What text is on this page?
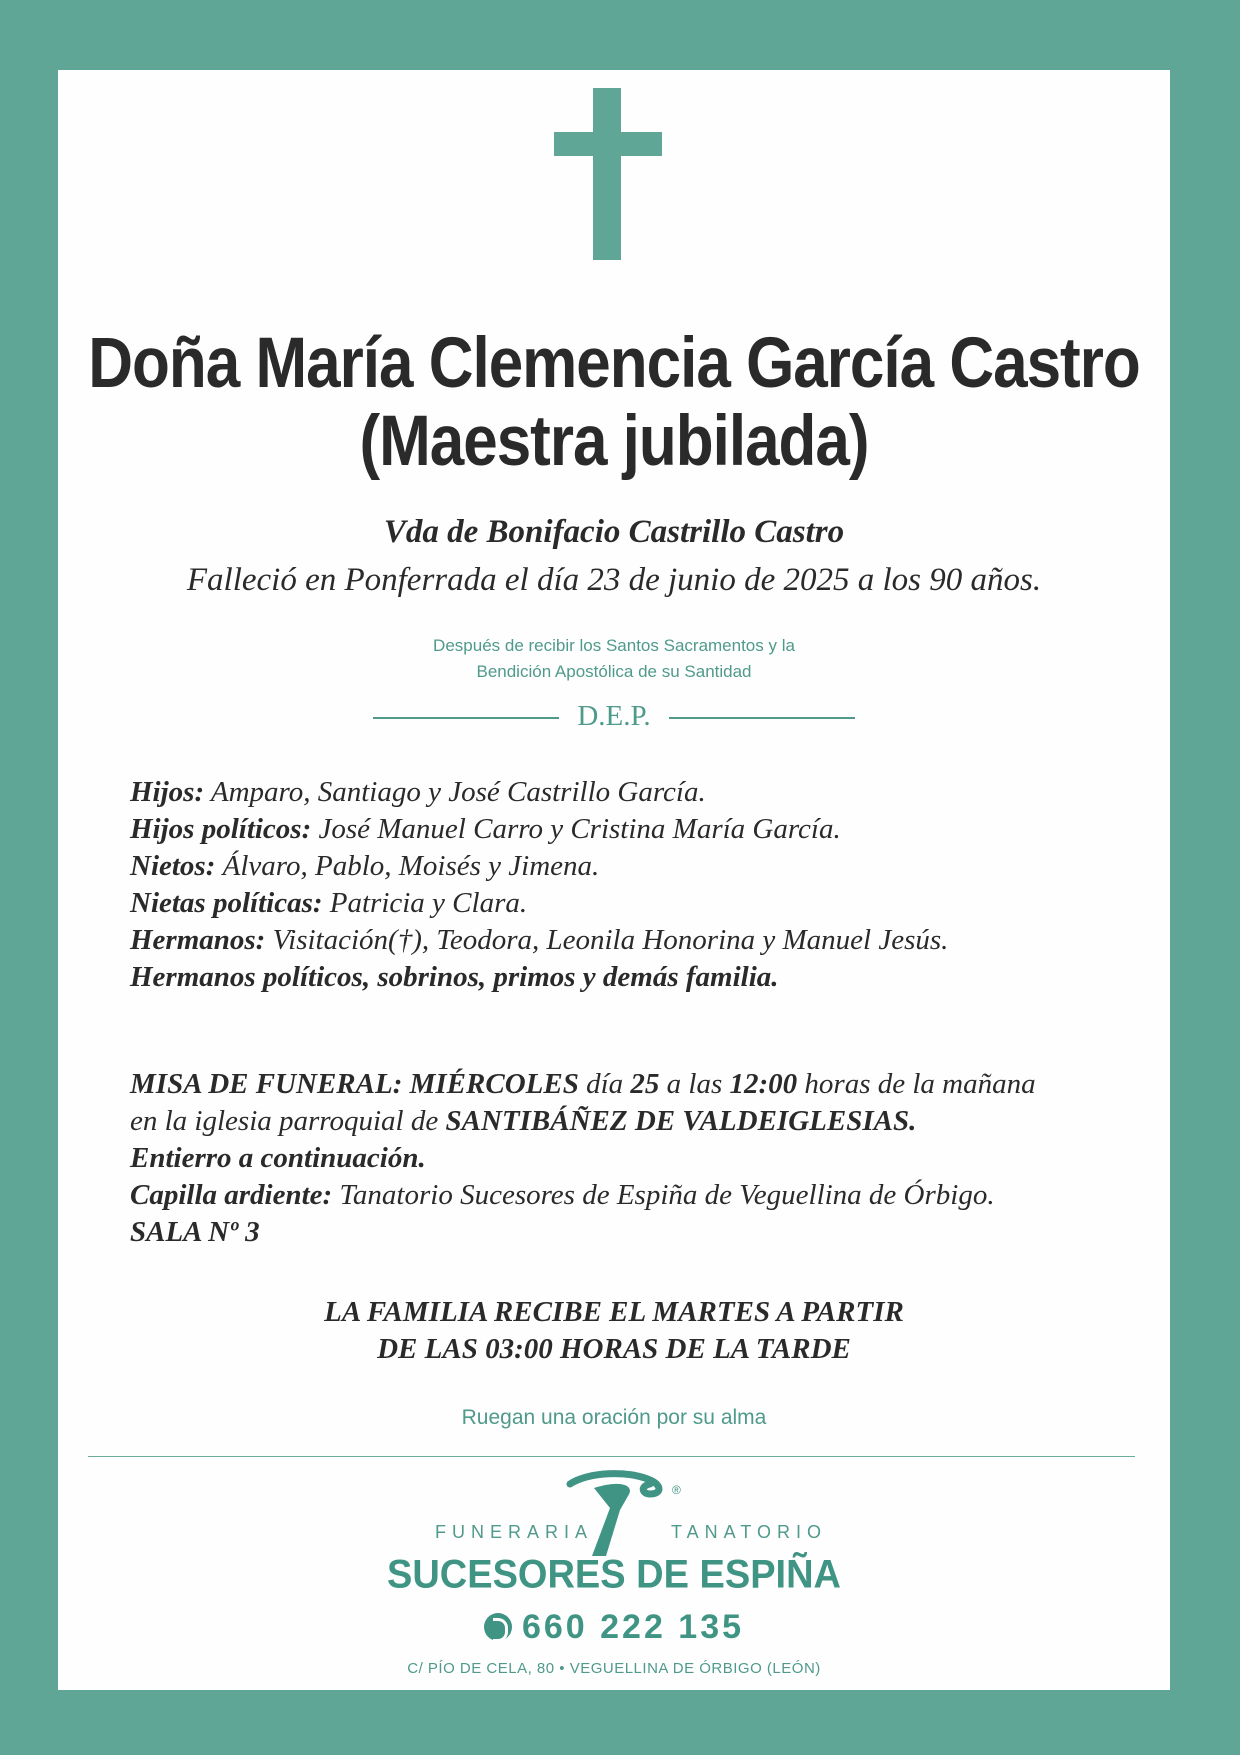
Doña María Clemencia García Castro
(Maestra jubilada)
Vda de Bonifacio Castrillo Castro
Falleció en Ponferrada el día 23 de junio de 2025 a los 90 años.
Después de recibir los Santos Sacramentos y la
Bendición Apostólica de su Santidad
D.E.P.
Hijos: Amparo, Santiago y José Castrillo García.
Hijos políticos: José Manuel Carro y Cristina María García.
Nietos: Álvaro, Pablo, Moisés y Jimena.
Nietas políticas: Patricia y Clara.
Hermanos: Visitación(†), Teodora, Leonila Honorina y Manuel Jesús.
Hermanos políticos, sobrinos, primos y demás familia.
MISA DE FUNERAL: MIÉRCOLES día 25 a las 12:00 horas de la mañana
en la iglesia parroquial de SANTIBÁÑEZ DE VALDEIGLESIAS.
Entierro a continuación.
Capilla ardiente: Tanatorio Sucesores de Espiña de Veguellina de Órbigo.
SALA Nº 3
LA FAMILIA RECIBE EL MARTES A PARTIR
DE LAS 03:00 HORAS DE LA TARDE
Ruegan una oración por su alma
®
FUNERARIA	TANATORIO
SUCESORES DE ESPIÑA
660 222 135
C/ PÍO DE CELA, 80 • VEGUELLINA DE ÓRBIGO (LEÓN)
